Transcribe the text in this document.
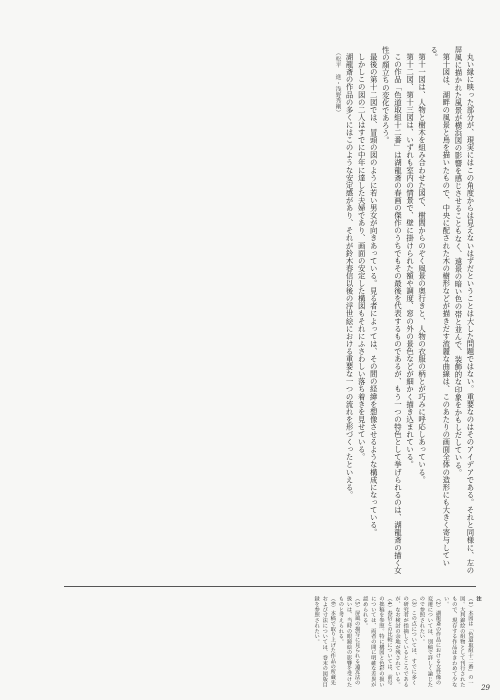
丸い縁に映った部分が、現実にはこの角度からは見えないはずだということは大した問題ではない。重要なのはそのアイデアである。それと同様に、左の屏風に描かれた風景が横浜図の影響を感じさせることもなく、遠景の暗い色の帯と並んで、装飾的な印象をかもしだしている。

第十図は、湖畔の風景と鳥を描いたもので、中央に配された木の樹形などが描きだす流麗な曲線は、このあたりの画面全体の造形にも大きく寄与している。

第十一図は、人物と樹木を組み合わせた図で、樹間からのぞく風景の奥行きと、人物の衣服の柄とが巧みに呼応しあっている。

第十二図、第十三図は、いずれも室内の情景で、壁に掛けられた額や調度、窓の外の景色などが細かく描き込まれている。

この作品「色道取組十二番」は湖龍斎の春画の傑作のうちでもその最後を代表するものであるが、もう一つの特色として挙げられるのは、湖龍斎の描く女性の顔立ちの変化であろう。

最後の第十二図では、冒頭の図のように若い男女が向きあっている。見る者によっては、その間の経緯を想像させるような構成になっている。

しかしこの図の二人はすでに中年に達した夫婦であり、画面の安定した構図もそれにふさわしい落ち着きを見せている。

湖龍斎の作品の多くにはこのような安定感があり、それが鈴木春信以後の浮世絵における重要な一つの流れを形づくったといえる。

（松平　進・浅野秀剛）

注

（1）本図は「色道取組十二番」の一図。大判錦絵の組物として刊行されたもので、現存する作品はきわめて少ない。

（2）湖龍斎の作品における女性像の変遷については、別稿で詳しく論じたので参照されたい。

（3）この点については、すでに多くの研究者が指摘しているところであるが、なお検討の余地が残されている。

（4）春信との比較については、前号の拙稿を参照。特に構図と色彩の扱いについては、両者の間に明確な差異が認められる。

（5）屏風の描写に見られる遠近法の扱いは、当時の眼鏡絵の影響を受けたものと考えられる。

（6）本稿で取り上げた作品の所蔵先および寸法については、巻末の図版目録を参照されたい。

29
